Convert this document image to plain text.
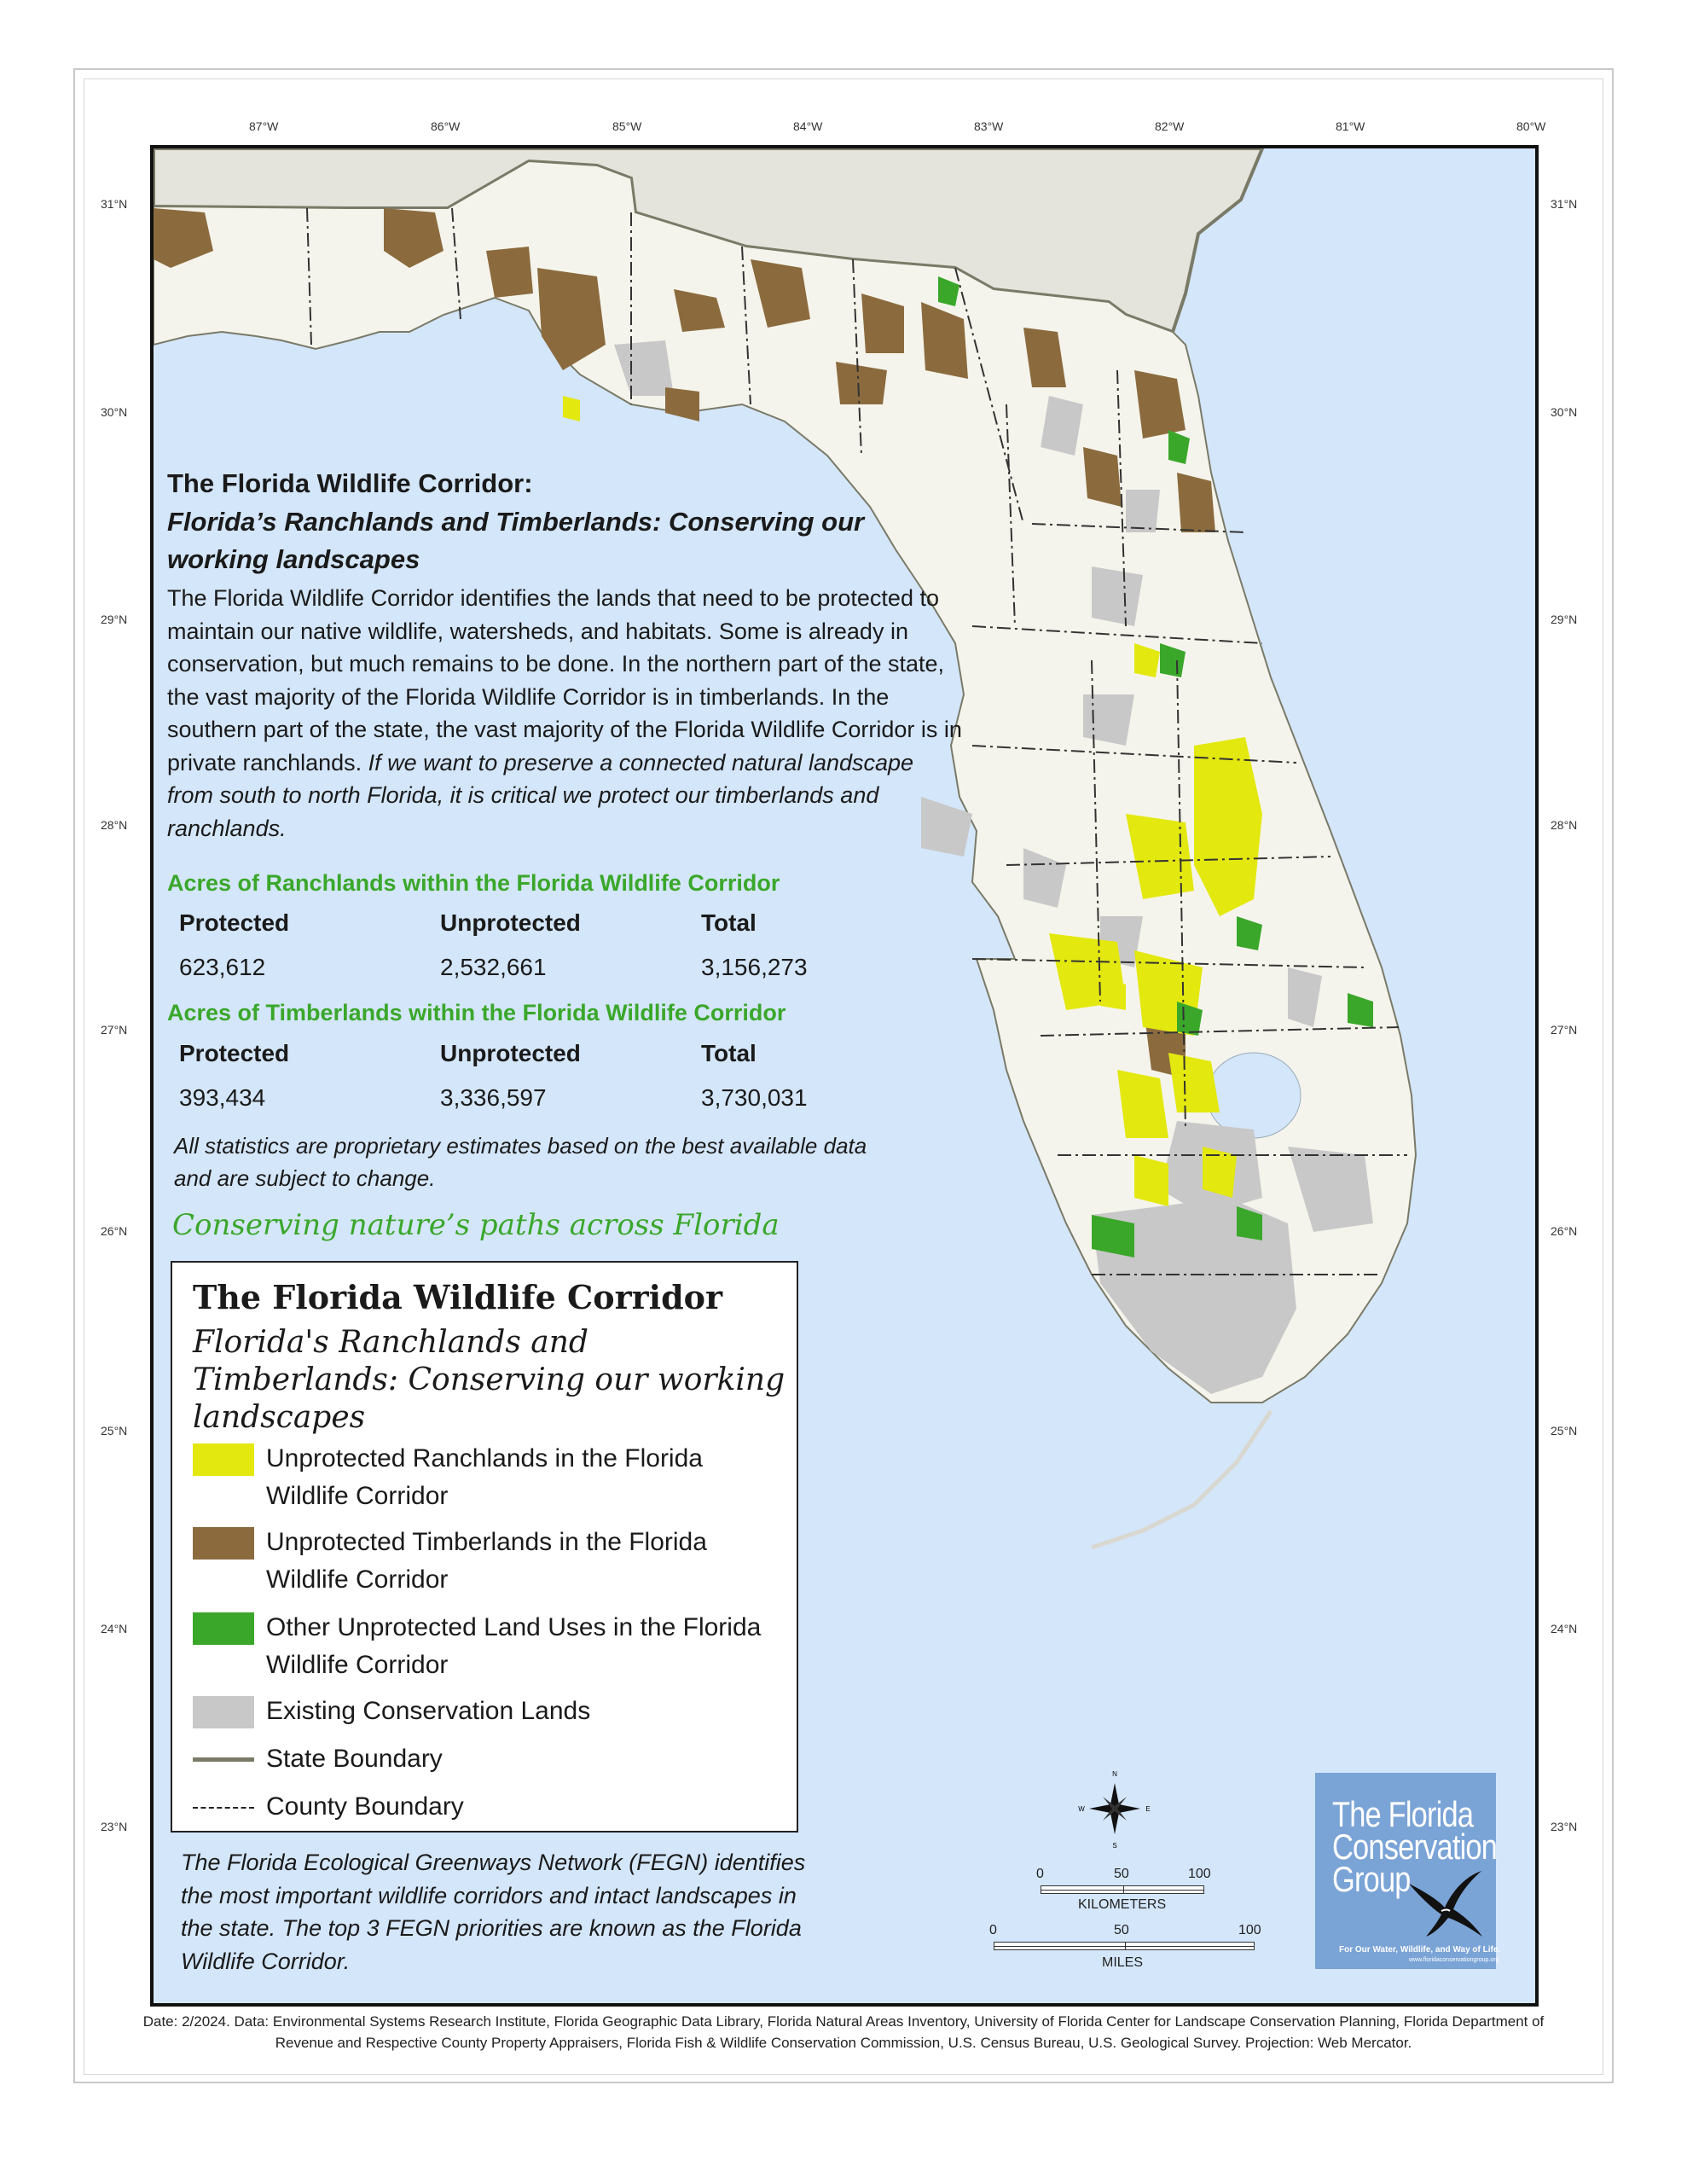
87°W	86°W	85°W	84°W	83°W	82°W	81°W	80°W
31°N	31°N
30°N	30°N
29°N	29°N
28°N	28°N
27°N	27°N
26°N	26°N
25°N	25°N
24°N	24°N
23°N	23°N
The Florida Wildlife Corridor:
Florida’s Ranchlands and Timberlands: Conserving our working landscapes
The Florida Wildlife Corridor identifies the lands that need to be protected to maintain our native wildlife, watersheds, and habitats. Some is already in conservation, but much remains to be done. In the northern part of the state, the vast majority of the Florida Wildlife Corridor is in timberlands. In the southern part of the state, the vast majority of the Florida Wildlife Corridor is in private ranchlands. If we want to preserve a connected natural landscape from south to north Florida, it is critical we protect our timberlands and ranchlands.
Acres of Ranchlands within the Florida Wildlife Corridor
Protected	Unprotected	Total
623,612	2,532,661	3,156,273
Acres of Timberlands within the Florida Wildlife Corridor
Protected	Unprotected	Total
393,434	3,336,597	3,730,031
All statistics are proprietary estimates based on the best available data and are subject to change.
Conserving nature’s paths across Florida
The Florida Wildlife Corridor
Florida's Ranchlands and Timberlands: Conserving our working landscapes
Unprotected Ranchlands in the Florida Wildlife Corridor
Unprotected Timberlands in the Florida Wildlife Corridor
Other Unprotected Land Uses in the Florida Wildlife Corridor
Existing Conservation Lands
State Boundary
County Boundary
The Florida Ecological Greenways Network (FEGN) identifies the most important wildlife corridors and intact landscapes in the state. The top 3 FEGN priorities are known as the Florida Wildlife Corridor.
N
S
E
W
0	50	100
KILOMETERS
0	50	100
MILES
The Florida
Conservation
Group
For Our Water, Wildlife, and Way of Life.
www.floridaconservationgroup.org
Date: 2/2024. Data: Environmental Systems Research Institute, Florida Geographic Data Library, Florida Natural Areas Inventory, University of Florida Center for Landscape Conservation Planning, Florida Department of Revenue and Respective County Property Appraisers, Florida Fish & Wildlife Conservation Commission, U.S. Census Bureau, U.S. Geological Survey. Projection: Web Mercator.
